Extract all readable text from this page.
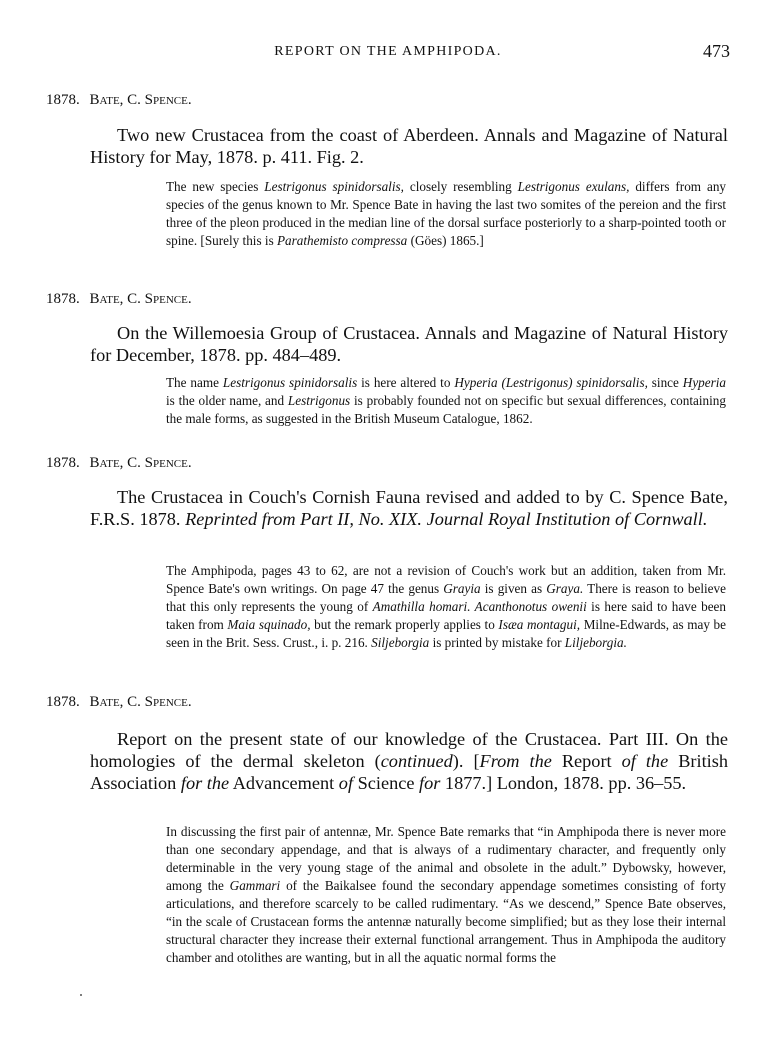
REPORT ON THE AMPHIPODA.	473
1878. Bate, C. Spence.
Two new Crustacea from the coast of Aberdeen. Annals and Magazine of Natural History for May, 1878. p. 411. Fig. 2.
The new species Lestrigonus spinidorsalis, closely resembling Lestrigonus exulans, differs from any species of the genus known to Mr. Spence Bate in having the last two somites of the pereion and the first three of the pleon produced in the median line of the dorsal surface posteriorly to a sharp-pointed tooth or spine. [Surely this is Parathemisto compressa (Göes) 1865.]
1878. Bate, C. Spence.
On the Willemoesia Group of Crustacea. Annals and Magazine of Natural History for December, 1878. pp. 484–489.
The name Lestrigonus spinidorsalis is here altered to Hyperia (Lestrigonus) spinidorsalis, since Hyperia is the older name, and Lestrigonus is probably founded not on specific but sexual differences, containing the male forms, as suggested in the British Museum Catalogue, 1862.
1878. Bate, C. Spence.
The Crustacea in Couch's Cornish Fauna revised and added to by C. Spence Bate, F.R.S. 1878. Reprinted from Part II, No. XIX. Journal Royal Institution of Cornwall.
The Amphipoda, pages 43 to 62, are not a revision of Couch's work but an addition, taken from Mr. Spence Bate's own writings. On page 47 the genus Grayia is given as Graya. There is reason to believe that this only represents the young of Amathilla homari. Acanthonotus owenii is here said to have been taken from Maia squinado, but the remark properly applies to Isæa montagui, Milne-Edwards, as may be seen in the Brit. Sess. Crust., i. p. 216. Siljeborgia is printed by mistake for Liljeborgia.
1878. Bate, C. Spence.
Report on the present state of our knowledge of the Crustacea. Part III. On the homologies of the dermal skeleton (continued). [From the Report of the British Association for the Advancement of Science for 1877.] London, 1878. pp. 36–55.
In discussing the first pair of antennæ, Mr. Spence Bate remarks that “in Amphipoda there is never more than one secondary appendage, and that is always of a rudimentary character, and frequently only determinable in the very young stage of the animal and obsolete in the adult.” Dybowsky, however, among the Gammari of the Baikalsee found the secondary appendage sometimes consisting of forty articulations, and therefore scarcely to be called rudimentary. “As we descend,” Spence Bate observes, “in the scale of Crustacean forms the antennæ naturally become simplified; but as they lose their internal structural character they increase their external functional arrangement. Thus in Amphipoda the auditory chamber and otolithes are wanting, but in all the aquatic normal forms the
